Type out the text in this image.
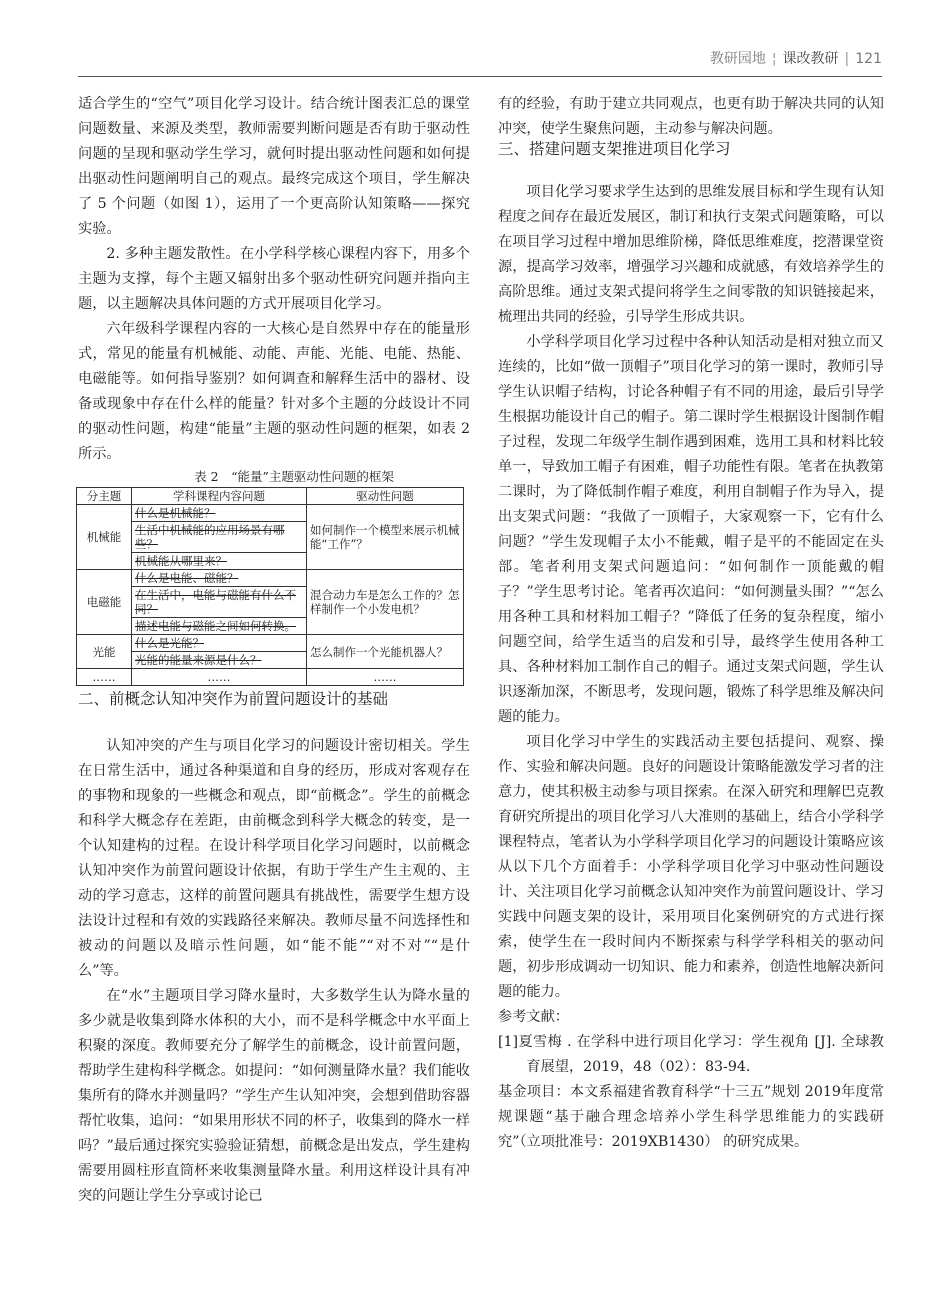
教研园地 ¦ 课改教研 | 121

适合学生的“空气”项目化学习设计。结合统计图表汇总的课堂问题数量、来源及类型，教师需要判断问题是否有助于驱动性问题的呈现和驱动学生学习，就何时提出驱动性问题和如何提出驱动性问题阐明自己的观点。最终完成这个项目，学生解决了 5 个问题（如图 1），运用了一个更高阶认知策略——探究实验。

2. 多种主题发散性。在小学科学核心课程内容下，用多个主题为支撑，每个主题又辐射出多个驱动性研究问题并指向主题，以主题解决具体问题的方式开展项目化学习。

六年级科学课程内容的一大核心是自然界中存在的能量形式，常见的能量有机械能、动能、声能、光能、电能、热能、电磁能等。如何指导鉴别？如何调查和解释生活中的器材、设备或现象中存在什么样的能量？针对多个主题的分歧设计不同的驱动性问题，构建“能量”主题的驱动性问题的框架，如表 2 所示。

表 2　“能量”主题驱动性问题的框架
分主题	学科课程内容问题	驱动性问题
机械能	什么是机械能？	如何制作一个模型来展示机械能“工作”？
	生活中机械能的应用场景有哪些？	
	机械能从哪里来？	
电磁能	什么是电能、磁能？	混合动力车是怎么工作的？怎样制作一个小发电机？
	在生活中，电能与磁能有什么不同？	
	描述电能与磁能之间如何转换。	
光能	什么是光能？	怎么制作一个光能机器人？
	光能的能量来源是什么？	
……	……	……
二、前概念认知冲突作为前置问题设计的基础

认知冲突的产生与项目化学习的问题设计密切相关。学生在日常生活中，通过各种渠道和自身的经历，形成对客观存在的事物和现象的一些概念和观点，即“前概念”。学生的前概念和科学大概念存在差距，由前概念到科学大概念的转变，是一个认知建构的过程。在设计科学项目化学习问题时，以前概念认知冲突作为前置问题设计依据，有助于学生产生主观的、主动的学习意志，这样的前置问题具有挑战性，需要学生想方设法设计过程和有效的实践路径来解决。教师尽量不问选择性和被动的问题以及暗示性问题，如“能不能”“对不对”“是什么”等。

在“水”主题项目学习降水量时，大多数学生认为降水量的多少就是收集到降水体积的大小，而不是科学概念中水平面上积聚的深度。教师要充分了解学生的前概念，设计前置问题，帮助学生建构科学概念。如提问：“如何测量降水量？我们能收集所有的降水并测量吗？”学生产生认知冲突，会想到借助容器帮忙收集，追问：“如果用形状不同的杯子，收集到的降水一样吗？”最后通过探究实验验证猜想，前概念是出发点，学生建构需要用圆柱形直筒杯来收集测量降水量。利用这样设计具有冲突的问题让学生分享或讨论已

有的经验，有助于建立共同观点，也更有助于解决共同的认知冲突，使学生聚焦问题，主动参与解决问题。

三、搭建问题支架推进项目化学习

项目化学习要求学生达到的思维发展目标和学生现有认知程度之间存在最近发展区，制订和执行支架式问题策略，可以在项目学习过程中增加思维阶梯，降低思维难度，挖潜课堂资源，提高学习效率，增强学习兴趣和成就感，有效培养学生的高阶思维。通过支架式提问将学生之间零散的知识链接起来，梳理出共同的经验，引导学生形成共识。

小学科学项目化学习过程中各种认知活动是相对独立而又连续的，比如“做一顶帽子”项目化学习的第一课时，教师引导学生认识帽子结构，讨论各种帽子有不同的用途，最后引导学生根据功能设计自己的帽子。第二课时学生根据设计图制作帽子过程，发现二年级学生制作遇到困难，选用工具和材料比较单一，导致加工帽子有困难，帽子功能性有限。笔者在执教第二课时，为了降低制作帽子难度，利用自制帽子作为导入，提出支架式问题：“我做了一顶帽子，大家观察一下，它有什么问题？”学生发现帽子太小不能戴，帽子是平的不能固定在头部。笔者利用支架式问题追问：“如何制作一顶能戴的帽子？”学生思考讨论。笔者再次追问：“如何测量头围？”“怎么用各种工具和材料加工帽子？”降低了任务的复杂程度，缩小问题空间，给学生适当的启发和引导，最终学生使用各种工具、各种材料加工制作自己的帽子。通过支架式问题，学生认识逐渐加深，不断思考，发现问题，锻炼了科学思维及解决问题的能力。

项目化学习中学生的实践活动主要包括提问、观察、操作、实验和解决问题。良好的问题设计策略能激发学习者的注意力，使其积极主动参与项目探索。在深入研究和理解巴克教育研究所提出的项目化学习八大准则的基础上，结合小学科学课程特点，笔者认为小学科学项目化学习的问题设计策略应该从以下几个方面着手：小学科学项目化学习中驱动性问题设计、关注项目化学习前概念认知冲突作为前置问题设计、学习实践中问题支架的设计，采用项目化案例研究的方式进行探索，使学生在一段时间内不断探索与科学学科相关的驱动问题，初步形成调动一切知识、能力和素养，创造性地解决新问题的能力。

参考文献：

[1]夏雪梅 . 在学科中进行项目化学习：学生视角 [J]. 全球教育展望，2019，48（02）：83-94.

基金项目：本文系福建省教育科学“十三五”规划 2019年度常规课题“基于融合理念培养小学生科学思维能力的实践研究”（立项批准号：2019XB1430） 的研究成果。
